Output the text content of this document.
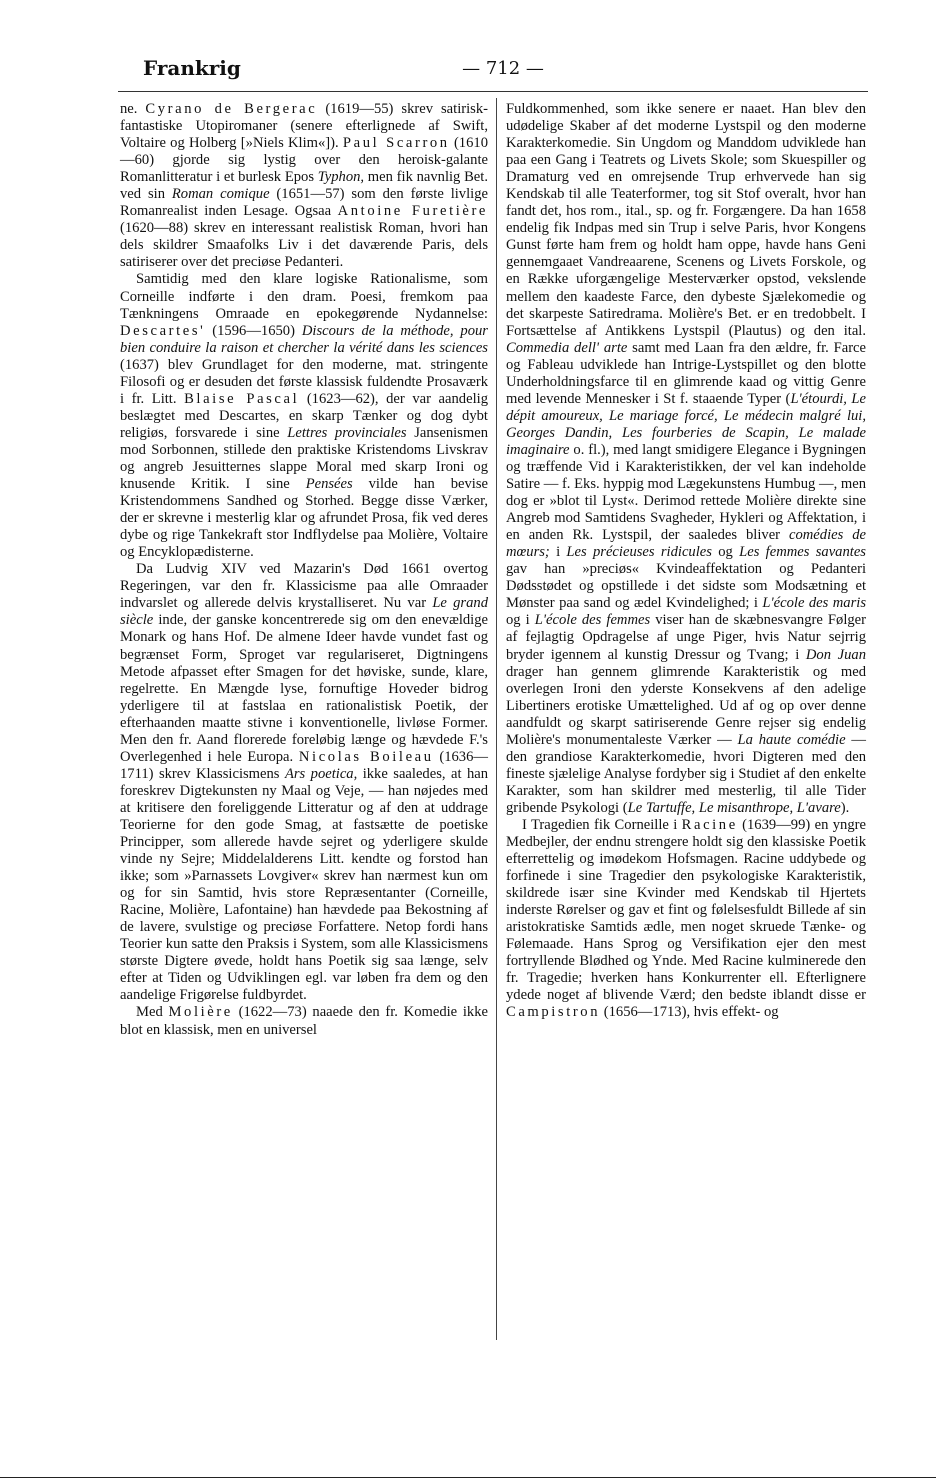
Frankrig	— 712 —

ne. Cyrano de Bergerac (1619—55) skrev satirisk-fantastiske Utopiromaner (senere efterlignede af Swift, Voltaire og Holberg [»Niels Klim«]). Paul Scarron (1610—60) gjorde sig lystig over den heroisk-galante Romanlitteratur i et burlesk Epos Typhon, men fik navnlig Bet. ved sin Roman comique (1651—57) som den første livlige Romanrealist inden Lesage. Ogsaa Antoine Furetière (1620—88) skrev en interessant realistisk Roman, hvori han dels skildrer Smaafolks Liv i det daværende Paris, dels satiriserer over det preciøse Pedanteri.

Samtidig med den klare logiske Rationalisme, som Corneille indførte i den dram. Poesi, fremkom paa Tænkningens Omraade en epokegørende Nydannelse: Descartes' (1596—1650) Discours de la méthode, pour bien conduire la raison et chercher la vérité dans les sciences (1637) blev Grundlaget for den moderne, mat. stringente Filosofi og er desuden det første klassisk fuldendte Prosaværk i fr. Litt. Blaise Pascal (1623—62), der var aandelig beslægtet med Descartes, en skarp Tænker og dog dybt religiøs, forsvarede i sine Lettres provinciales Jansenismen mod Sorbonnen, stillede den praktiske Kristendoms Livskrav og angreb Jesuitternes slappe Moral med skarp Ironi og knusende Kritik. I sine Pensées vilde han bevise Kristendommens Sandhed og Storhed. Begge disse Værker, der er skrevne i mesterlig klar og afrundet Prosa, fik ved deres dybe og rige Tankekraft stor Indflydelse paa Molière, Voltaire og Encyklopædisterne.

Da Ludvig XIV ved Mazarin's Død 1661 overtog Regeringen, var den fr. Klassicisme paa alle Omraader indvarslet og allerede delvis krystalliseret. Nu var Le grand siècle inde, der ganske koncentrerede sig om den enevældige Monark og hans Hof. De almene Ideer havde vundet fast og begrænset Form, Sproget var regulariseret, Digtningens Metode afpasset efter Smagen for det høviske, sunde, klare, regelrette. En Mængde lyse, fornuftige Hoveder bidrog yderligere til at fastslaa en rationalistisk Poetik, der efterhaanden maatte stivne i konventionelle, livløse Former. Men den fr. Aand florerede foreløbig længe og hævdede F.'s Overlegenhed i hele Europa. Nicolas Boileau (1636—1711) skrev Klassicismens Ars poetica, ikke saaledes, at han foreskrev Digtekunsten ny Maal og Veje, — han nøjedes med at kritisere den foreliggende Litteratur og af den at uddrage Teorierne for den gode Smag, at fastsætte de poetiske Principper, som allerede havde sejret og yderligere skulde vinde ny Sejre; Middelalderens Litt. kendte og forstod han ikke; som »Parnassets Lovgiver« skrev han nærmest kun om og for sin Samtid, hvis store Repræsentanter (Corneille, Racine, Molière, Lafontaine) han hævdede paa Bekostning af de lavere, svulstige og preciøse Forfattere. Netop fordi hans Teorier kun satte den Praksis i System, som alle Klassicismens største Digtere øvede, holdt hans Poetik sig saa længe, selv efter at Tiden og Udviklingen egl. var løben fra dem og den aandelige Frigørelse fuldbyrdet.

Med Molière (1622—73) naaede den fr. Komedie ikke blot en klassisk, men en universel

Fuldkommenhed, som ikke senere er naaet. Han blev den udødelige Skaber af det moderne Lystspil og den moderne Karakterkomedie. Sin Ungdom og Manddom udviklede han paa een Gang i Teatrets og Livets Skole; som Skuespiller og Dramaturg ved en omrejsende Trup erhvervede han sig Kendskab til alle Teaterformer, tog sit Stof overalt, hvor han fandt det, hos rom., ital., sp. og fr. Forgængere. Da han 1658 endelig fik Indpas med sin Trup i selve Paris, hvor Kongens Gunst førte ham frem og holdt ham oppe, havde hans Geni gennemgaaet Vandreaarene, Scenens og Livets Forskole, og en Række uforgængelige Mesterværker opstod, vekslende mellem den kaadeste Farce, den dybeste Sjælekomedie og det skarpeste Satiredrama. Molière's Bet. er en tredobbelt. I Fortsættelse af Antikkens Lystspil (Plautus) og den ital. Commedia dell' arte samt med Laan fra den ældre, fr. Farce og Fableau udviklede han Intrige-Lystspillet og den blotte Underholdningsfarce til en glimrende kaad og vittig Genre med levende Mennesker i St f. staaende Typer (L'étourdi, Le dépit amoureux, Le mariage forcé, Le médecin malgré lui, Georges Dandin, Les fourberies de Scapin, Le malade imaginaire o. fl.), med langt smidigere Elegance i Bygningen og træffende Vid i Karakteristikken, der vel kan indeholde Satire — f. Eks. hyppig mod Lægekunstens Humbug —, men dog er »blot til Lyst«. Derimod rettede Molière direkte sine Angreb mod Samtidens Svagheder, Hykleri og Affektation, i en anden Rk. Lystspil, der saaledes bliver comédies de mœurs; i Les précieuses ridicules og Les femmes savantes gav han »preciøs« Kvindeaffektation og Pedanteri Dødsstødet og opstillede i det sidste som Modsætning et Mønster paa sand og ædel Kvindelighed; i L'école des maris og i L'école des femmes viser han de skæbnesvangre Følger af fejlagtig Opdragelse af unge Piger, hvis Natur sejrrig bryder igennem al kunstig Dressur og Tvang; i Don Juan drager han gennem glimrende Karakteristik og med overlegen Ironi den yderste Konsekvens af den adelige Libertiners erotiske Umættelighed. Ud af og op over denne aandfuldt og skarpt satiriserende Genre rejser sig endelig Molière's monumentaleste Værker — La haute comédie — den grandiose Karakterkomedie, hvori Digteren med den fineste sjælelige Analyse fordyber sig i Studiet af den enkelte Karakter, som han skildrer med mesterlig, til alle Tider gribende Psykologi (Le Tartuffe, Le misanthrope, L'avare).

I Tragedien fik Corneille i Racine (1639—99) en yngre Medbejler, der endnu strengere holdt sig den klassiske Poetik efterrettelig og imødekom Hofsmagen. Racine uddybede og forfinede i sine Tragedier den psykologiske Karakteristik, skildrede især sine Kvinder med Kendskab til Hjertets inderste Rørelser og gav et fint og følelsesfuldt Billede af sin aristokratiske Samtids ædle, men noget skruede Tænke- og Følemaade. Hans Sprog og Versifikation ejer den mest fortryllende Blødhed og Ynde. Med Racine kulminerede den fr. Tragedie; hverken hans Konkurrenter ell. Efterlignere ydede noget af blivende Værd; den bedste iblandt disse er Campistron (1656—1713), hvis effekt- og
